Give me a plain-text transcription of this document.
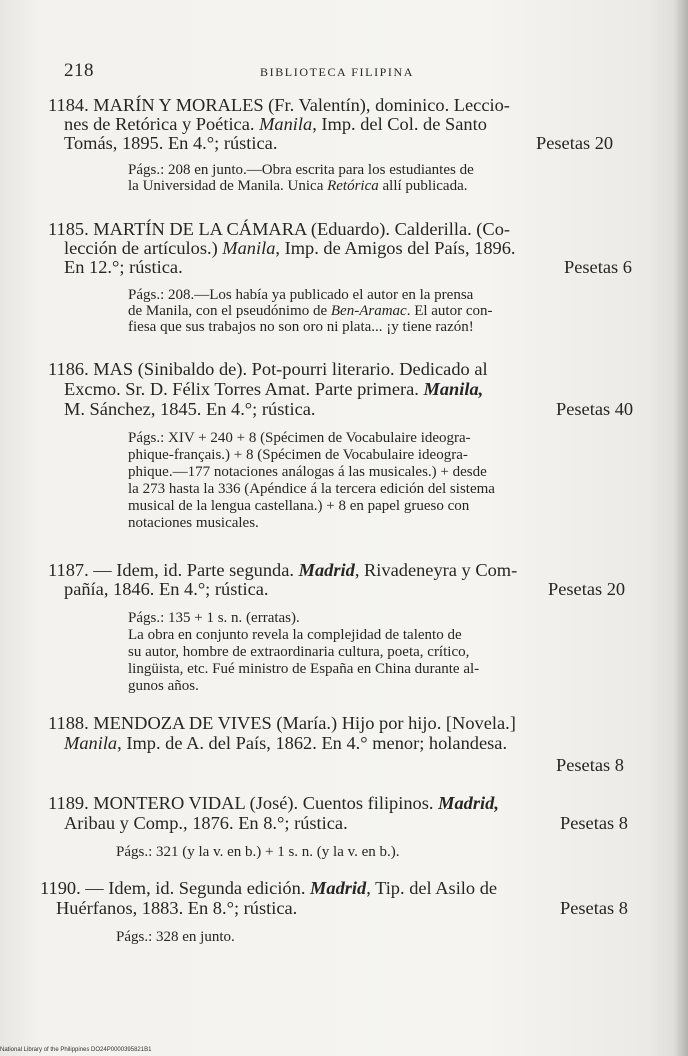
218	BIBLIOTECA FILIPINA
1184. MARÍN Y MORALES (Fr. Valentín), dominico. Leccio-
nes de Retórica y Poética. Manila, Imp. del Col. de Santo
Tomás, 1895. En 4.°; rústica.	Pesetas 20
Págs.: 208 en junto.—Obra escrita para los estudiantes de
la Universidad de Manila. Unica Retórica allí publicada.
1185. MARTÍN DE LA CÁMARA (Eduardo). Calderilla. (Co-
lección de artículos.) Manila, Imp. de Amigos del País, 1896.
En 12.°; rústica.	Pesetas 6
Págs.: 208.—Los había ya publicado el autor en la prensa
de Manila, con el pseudónimo de Ben-Aramac. El autor con-
fiesa que sus trabajos no son oro ni plata... ¡y tiene razón!
1186. MAS (Sinibaldo de). Pot-pourri literario. Dedicado al
Excmo. Sr. D. Félix Torres Amat. Parte primera. Manila,
M. Sánchez, 1845. En 4.°; rústica.	Pesetas 40
Págs.: XIV + 240 + 8 (Spécimen de Vocabulaire ideogra-
phique-français.) + 8 (Spécimen de Vocabulaire ideogra-
phique.—177 notaciones análogas á las musicales.) + desde
la 273 hasta la 336 (Apéndice á la tercera edición del sistema
musical de la lengua castellana.) + 8 en papel grueso con
notaciones musicales.
1187. — Idem, id. Parte segunda. Madrid, Rivadeneyra y Com-
pañía, 1846. En 4.°; rústica.	Pesetas 20
Págs.: 135 + 1 s. n. (erratas).
La obra en conjunto revela la complejidad de talento de
su autor, hombre de extraordinaria cultura, poeta, crítico,
lingüista, etc. Fué ministro de España en China durante al-
gunos años.
1188. MENDOZA DE VIVES (María.) Hijo por hijo. [Novela.]
Manila, Imp. de A. del País, 1862. En 4.° menor; holandesa.
Pesetas 8
1189. MONTERO VIDAL (José). Cuentos filipinos. Madrid,
Aribau y Comp., 1876. En 8.°; rústica.	Pesetas 8
Págs.: 321 (y la v. en b.) + 1 s. n. (y la v. en b.).
1190. — Idem, id. Segunda edición. Madrid, Tip. del Asilo de
Huérfanos, 1883. En 8.°; rústica.	Pesetas 8
Págs.: 328 en junto.
National Library of the Philippines DO24P0000395821B1
